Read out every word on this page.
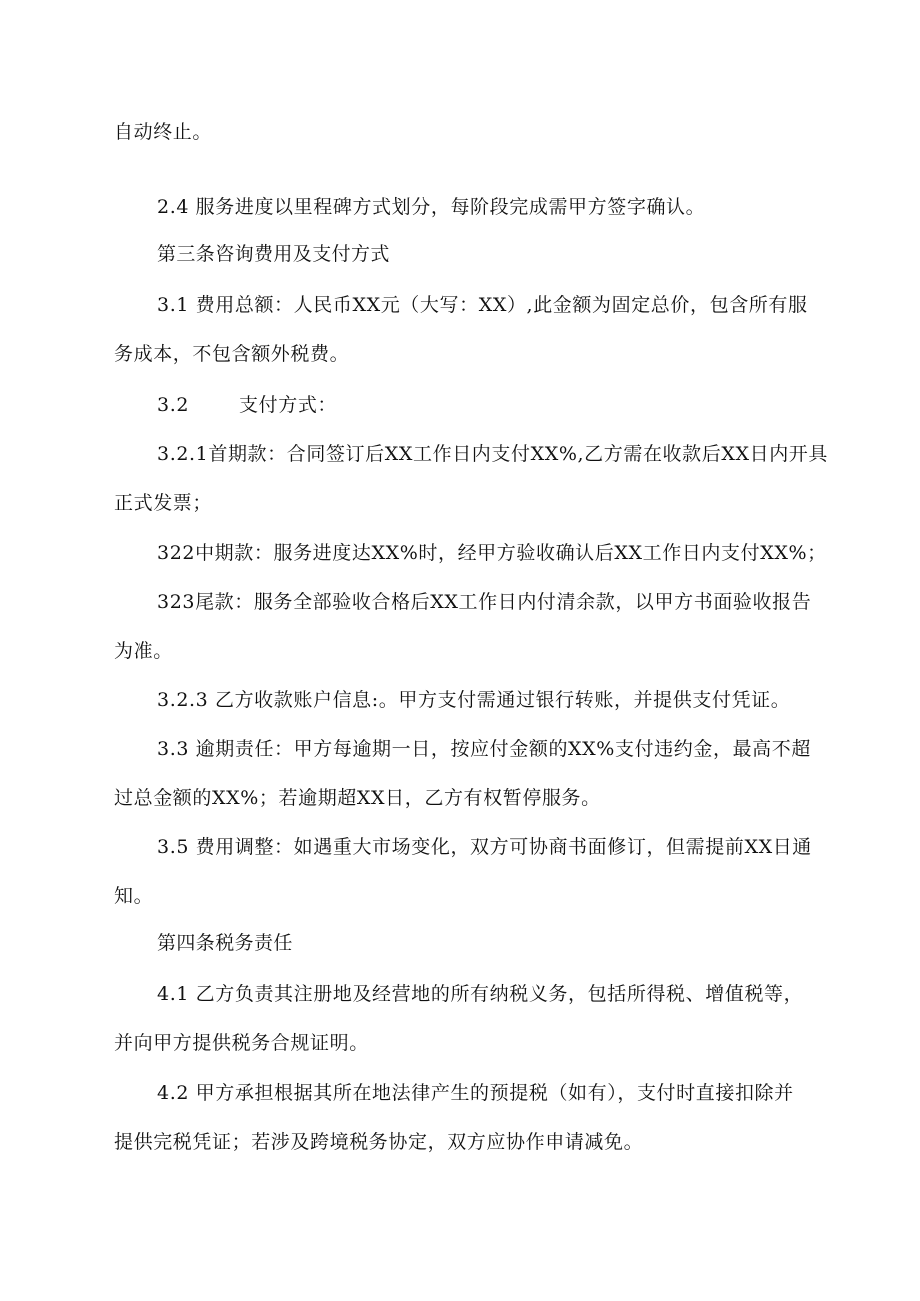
自动终止。
2.4 服务进度以里程碑方式划分，每阶段完成需甲方签字确认。
第三条咨询费用及支付方式
3.1 费用总额：人民币XX元（大写：XX）,此金额为固定总价，包含所有服
务成本，不包含额外税费。
3.2	支付方式：
3.2.1首期款：合同签订后XX工作日内支付XX%,乙方需在收款后XX日内开具
正式发票；
322中期款：服务进度达XX%时，经甲方验收确认后XX工作日内支付XX%；
323尾款：服务全部验收合格后XX工作日内付清余款，以甲方书面验收报告
为准。
3.2.3 乙方收款账户信息:。甲方支付需通过银行转账，并提供支付凭证。
3.3 逾期责任：甲方每逾期一日，按应付金额的XX%支付违约金，最高不超
过总金额的XX%；若逾期超XX日，乙方有权暂停服务。
3.5 费用调整：如遇重大市场变化，双方可协商书面修订，但需提前XX日通
知。
第四条税务责任
4.1 乙方负责其注册地及经营地的所有纳税义务，包括所得税、增值税等，
并向甲方提供税务合规证明。
4.2 甲方承担根据其所在地法律产生的预提税（如有），支付时直接扣除并
提供完税凭证；若涉及跨境税务协定，双方应协作申请减免。
